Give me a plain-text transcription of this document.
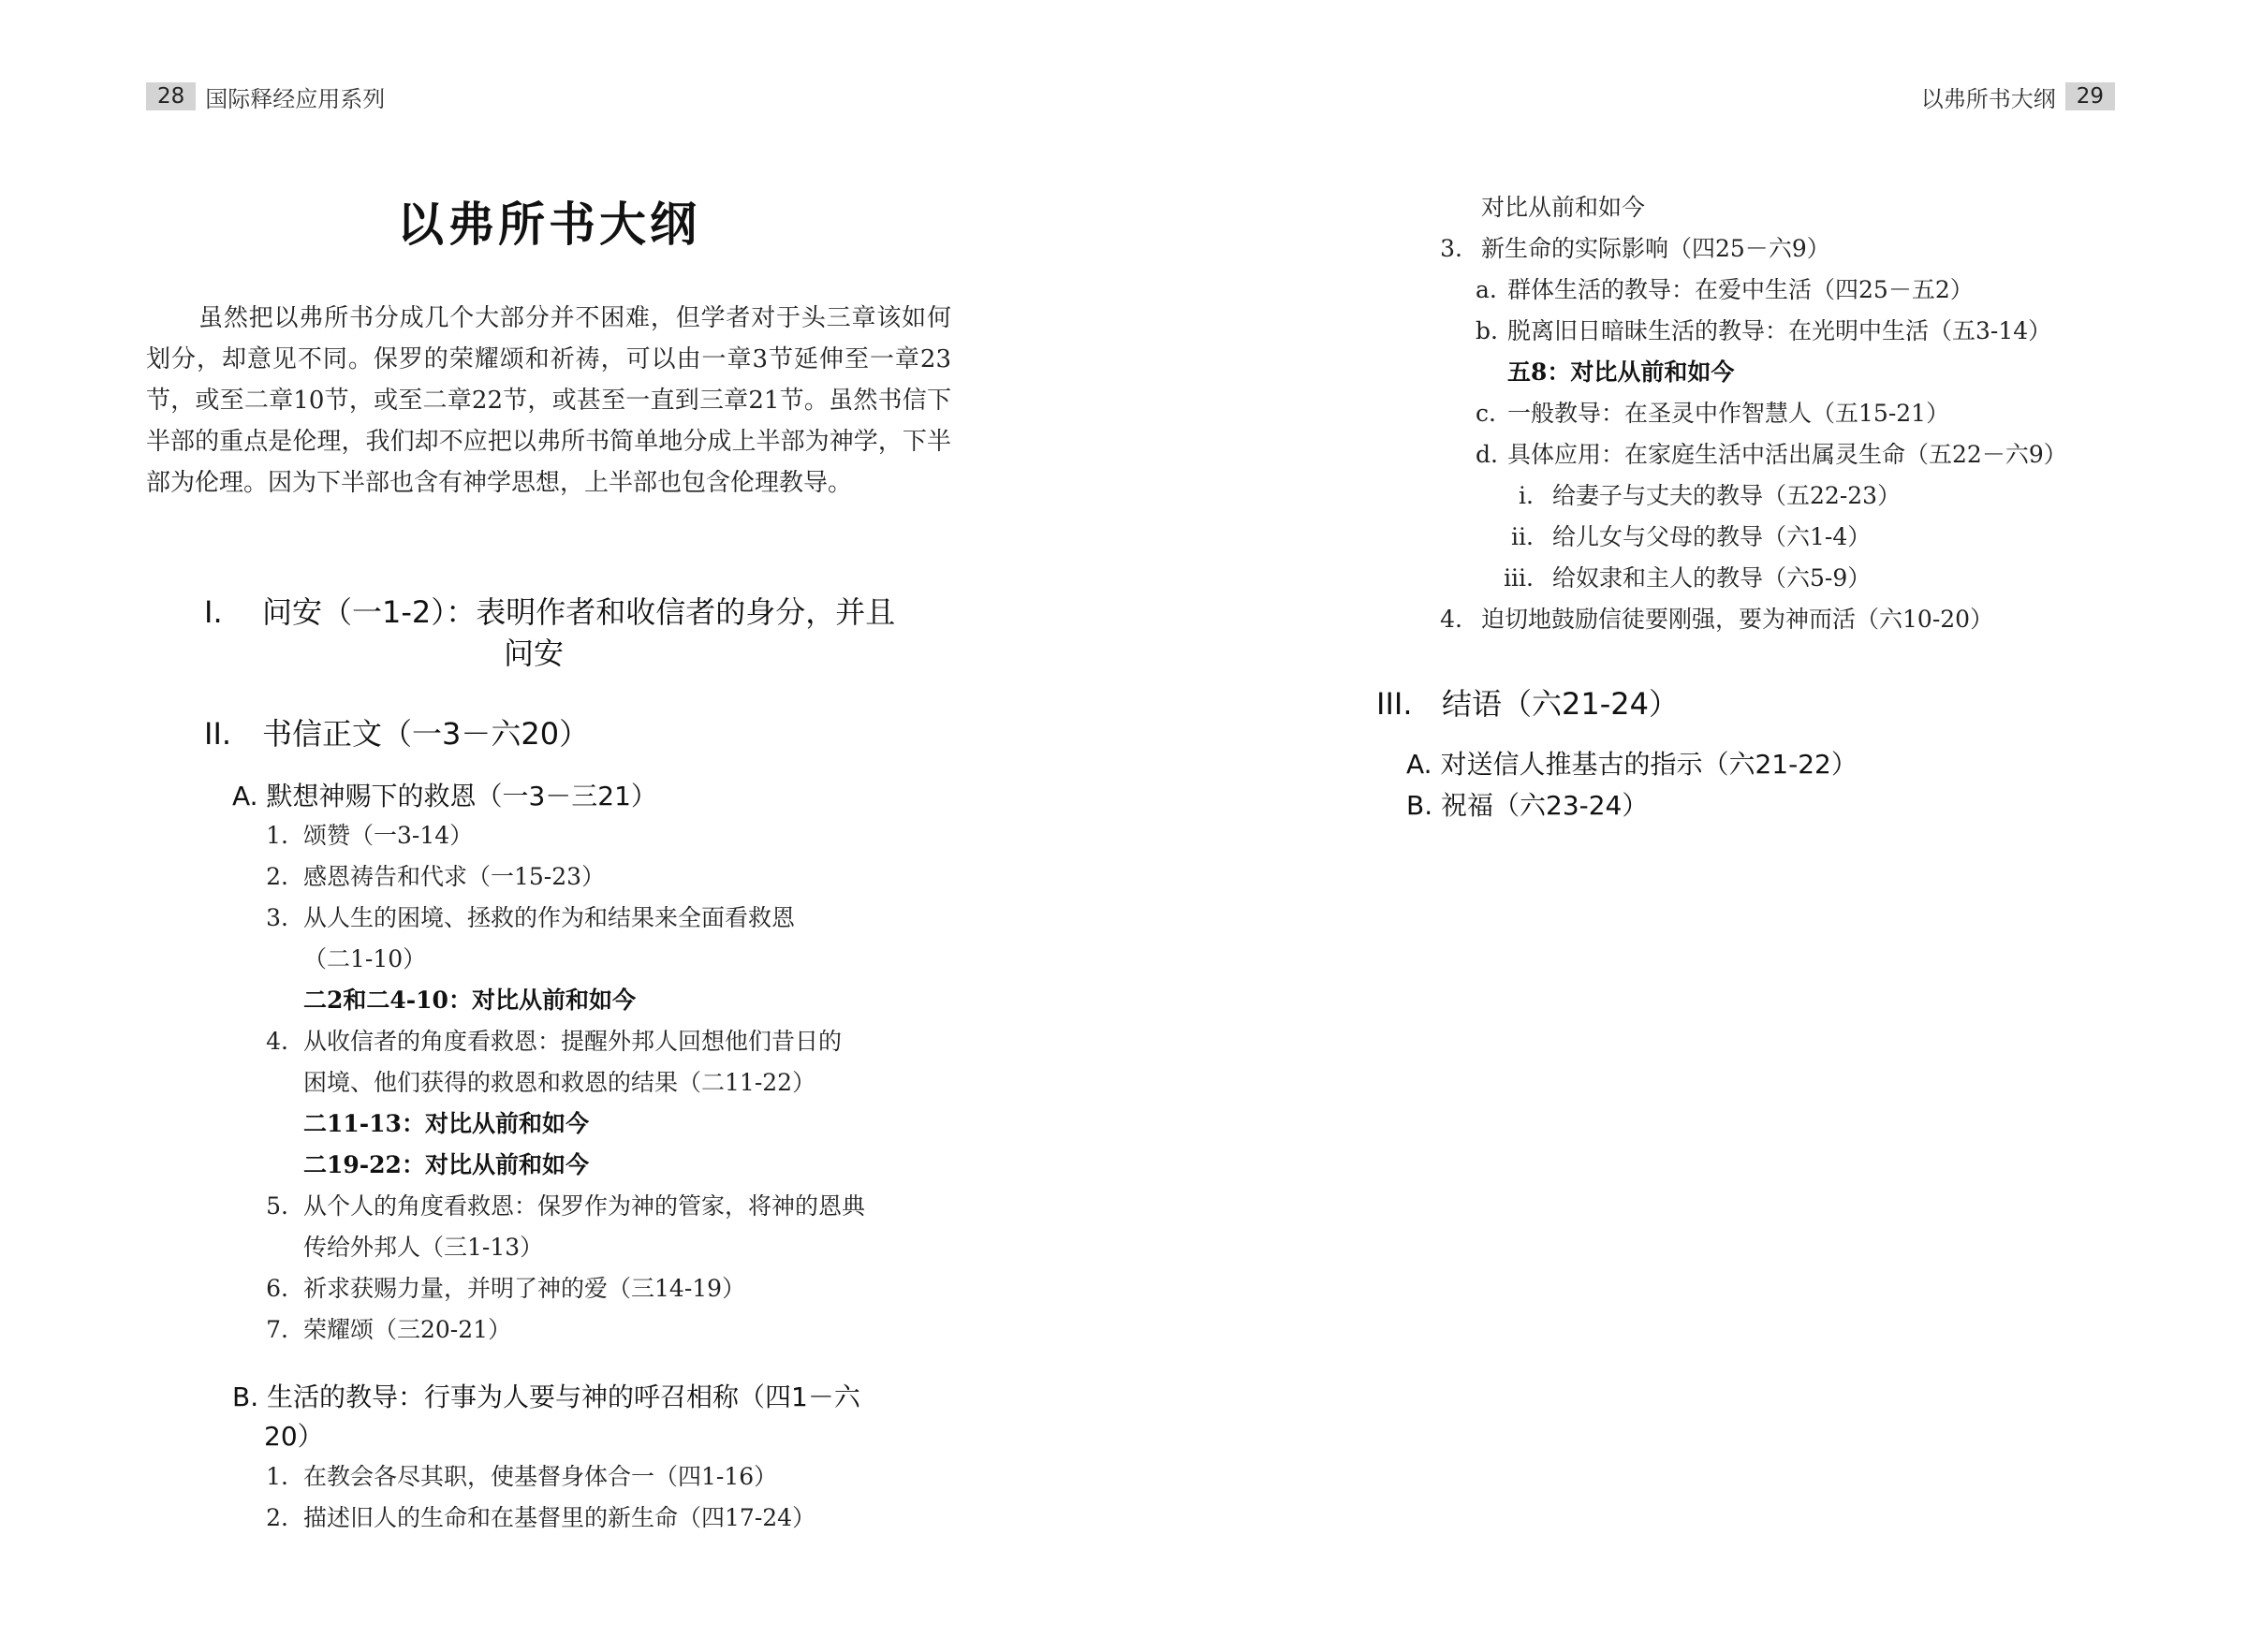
28 国际释经应用系列	以弗所书大纲 29
以弗所书大纲
虽然把以弗所书分成几个大部分并不困难，但学者对于头三章该如何划分，却意见不同。保罗的荣耀颂和祈祷，可以由一章3节延伸至一章23节，或至二章10节，或至二章22节，或甚至一直到三章21节。虽然书信下半部的重点是伦理，我们却不应把以弗所书简单地分成上半部为神学，下半部为伦理。因为下半部也含有神学思想，上半部也包含伦理教导。
I.	问安（一1-2）：表明作者和收信者的身分，并且
问安
II.	书信正文（一3－六20）
A. 默想神赐下的救恩（一3－三21）
1. 颂赞（一3-14）
2. 感恩祷告和代求（一15-23）
3. 从人生的困境、拯救的作为和结果来全面看救恩
（二1-10）
二2和二4-10：对比从前和如今
4. 从收信者的角度看救恩：提醒外邦人回想他们昔日的
困境、他们获得的救恩和救恩的结果（二11-22）
二11-13：对比从前和如今
二19-22：对比从前和如今
5. 从个人的角度看救恩：保罗作为神的管家，将神的恩典
传给外邦人（三1-13）
6. 祈求获赐力量，并明了神的爱（三14-19）
7. 荣耀颂（三20-21）
B. 生活的教导：行事为人要与神的呼召相称（四1－六
20）
1. 在教会各尽其职，使基督身体合一（四1-16）
2. 描述旧人的生命和在基督里的新生命（四17-24）
对比从前和如今
3. 新生命的实际影响（四25－六9）
a. 群体生活的教导：在爱中生活（四25－五2）
b. 脱离旧日暗昧生活的教导：在光明中生活（五3-14）
五8：对比从前和如今
c. 一般教导：在圣灵中作智慧人（五15-21）
d. 具体应用：在家庭生活中活出属灵生命（五22－六9）
i. 给妻子与丈夫的教导（五22-23）
ii. 给儿女与父母的教导（六1-4）
iii. 给奴隶和主人的教导（六5-9）
4. 迫切地鼓励信徒要刚强，要为神而活（六10-20）
III. 结语（六21-24）
A. 对送信人推基古的指示（六21-22）
B. 祝福（六23-24）
